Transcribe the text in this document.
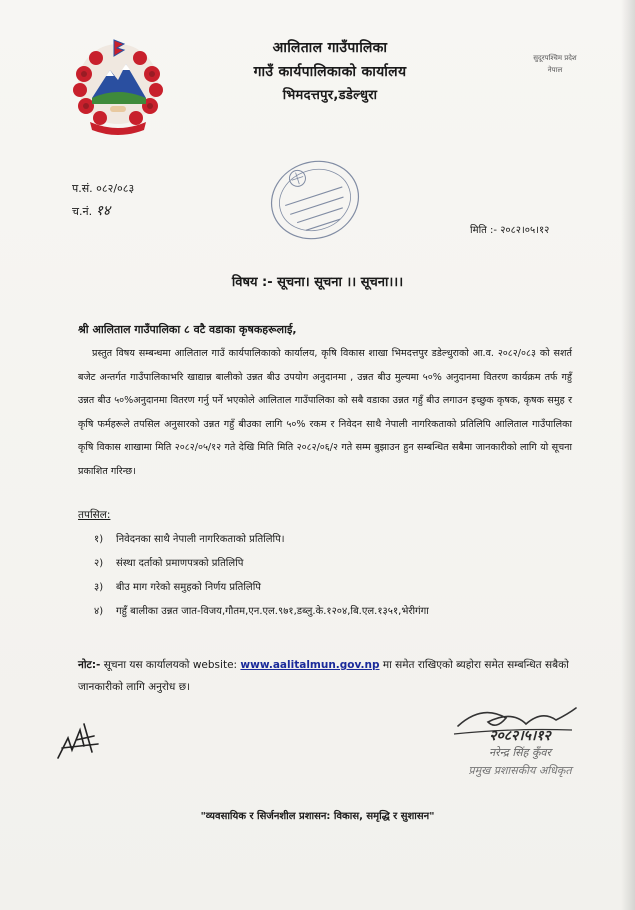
आलिताल गाउँपालिका
गाउँ कार्यपालिकाको कार्यालय
भिमदत्तपुर,डडेल्धुरा
सुदूरपश्चिम प्रदेश
नेपाल
प.सं. ०८२/०८३
च.नं. १४
मिति :- २०८२।०५।१२
विषय :- सूचना। सूचना ।। सूचना।।।
श्री आलिताल गाउँपालिका ८ वटै वडाका कृषकहरूलाई,
प्रस्तुत विषय सम्बन्धमा आलिताल गाउँ कार्यपालिकाको कार्यालय, कृषि विकास शाखा भिमदत्तपुर डडेल्धुराको आ.व. २०८२/०८३ को सशर्त बजेट अन्तर्गत गाउँपालिकाभरि खाद्यान्न बालीको उन्नत बीउ उपयोग अनुदानमा , उन्नत बीउ मुल्यमा ५०% अनुदानमा वितरण कार्यक्रम तर्फ गहुँ उन्नत बीउ ५०%अनुदानमा वितरण गर्नु पर्ने भएकोले आलिताल गाउँपालिका को सबै वडाका उन्नत गहुँ बीउ लगाउन इच्छुक कृषक, कृषक समुह र कृषि फर्महरूले तपसिल अनुसारको उन्नत गहुँ बीउका लागि ५०% रकम र निवेदन साथै नेपाली नागरिकताको प्रतिलिपि आलिताल गाउँपालिका कृषि विकास शाखामा मिति २०८२/०५/१२ गते देखि मिति मिति २०८२/०६/२ गते सम्म बुझाउन हुन सम्बन्धित सबैमा जानकारीको लागि यो सूचना प्रकाशित गरिन्छ।
तपसिल:
१) निवेदनका साथै नेपाली नागरिकताको प्रतिलिपि।
२) संस्था दर्ताको प्रमाणपत्रको प्रतिलिपि
३) बीउ माग गरेको समुहको निर्णय प्रतिलिपि
४) गहुँ बालीका उन्नत जात-विजय,गौतम,एन.एल.९७१,डब्लु.के.१२०४,बि.एल.१३५१,भेरीगंगा
नोट:- सूचना यस कार्यालयको website: www.aalitalmun.gov.np मा समेत राखिएको ब्यहोरा समेत सम्बन्धित सबैको जानकारीको लागि अनुरोध छ।
२०८२।५।१२
नरेन्द्र सिंह कुँवर
प्रमुख प्रशासकीय अधिकृत
"व्यवसायिक र सिर्जनशील प्रशासन: विकास, समृद्धि र सुशासन"
